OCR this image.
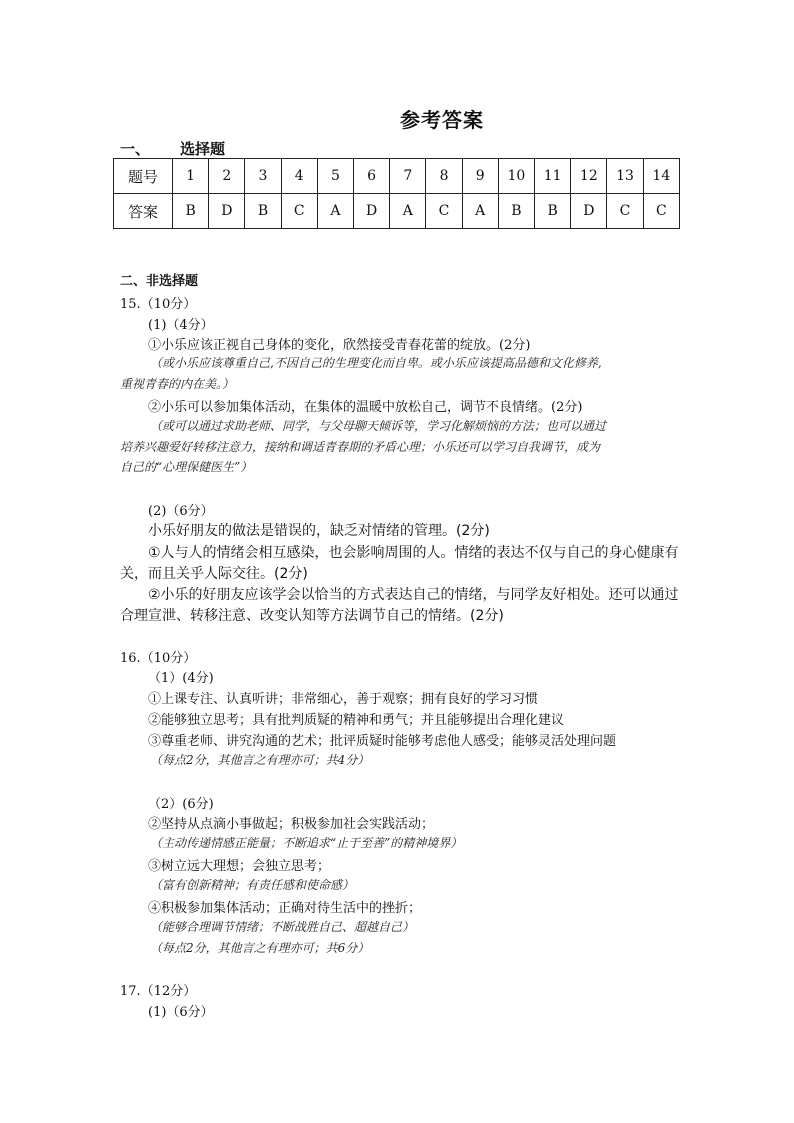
参考答案
一、 选择题
题号	1	2	3	4	5	6	7	8	9	10	11	12	13	14
答案	B	D	B	C	A	D	A	C	A	B	B	D	C	C
二、非选择题
15.（10分）
(1)（4分）
①小乐应该正视自己身体的变化，欣然接受青春花蕾的绽放。(2分)
（或小乐应该尊重自己,不因自己的生理变化而自卑。或小乐应该提高品德和文化修养,
重视青春的内在美。）
②小乐可以参加集体活动，在集体的温暖中放松自己，调节不良情绪。(2分)
（或可以通过求助老师、同学，与父母聊天倾诉等，学习化解烦恼的方法；也可以通过
培养兴趣爱好转移注意力，接纳和调适青春期的矛盾心理；小乐还可以学习自我调节，成为
自己的“心理保健医生”）
(2)（6分）
小乐好朋友的做法是错误的，缺乏对情绪的管理。(2分)
①人与人的情绪会相互感染，也会影响周围的人。情绪的表达不仅与自己的身心健康有
关，而且关乎人际交往。(2分)
②小乐的好朋友应该学会以恰当的方式表达自己的情绪，与同学友好相处。还可以通过
合理宣泄、转移注意、改变认知等方法调节自己的情绪。(2分)
16.（10分）
（1）(4分)
①上课专注、认真听讲；非常细心，善于观察；拥有良好的学习习惯
②能够独立思考；具有批判质疑的精神和勇气；并且能够提出合理化建议
③尊重老师、讲究沟通的艺术；批评质疑时能够考虑他人感受；能够灵活处理问题
（每点2分，其他言之有理亦可；共4分）
（2）(6分)
②坚持从点滴小事做起；积极参加社会实践活动；
（主动传递情感正能量；不断追求“止于至善”的精神境界）
③树立远大理想；会独立思考；
（富有创新精神；有责任感和使命感）
④积极参加集体活动；正确对待生活中的挫折；
（能够合理调节情绪；不断战胜自己、超越自己）
（每点2分，其他言之有理亦可；共6分）
17.（12分）
(1)（6分）
